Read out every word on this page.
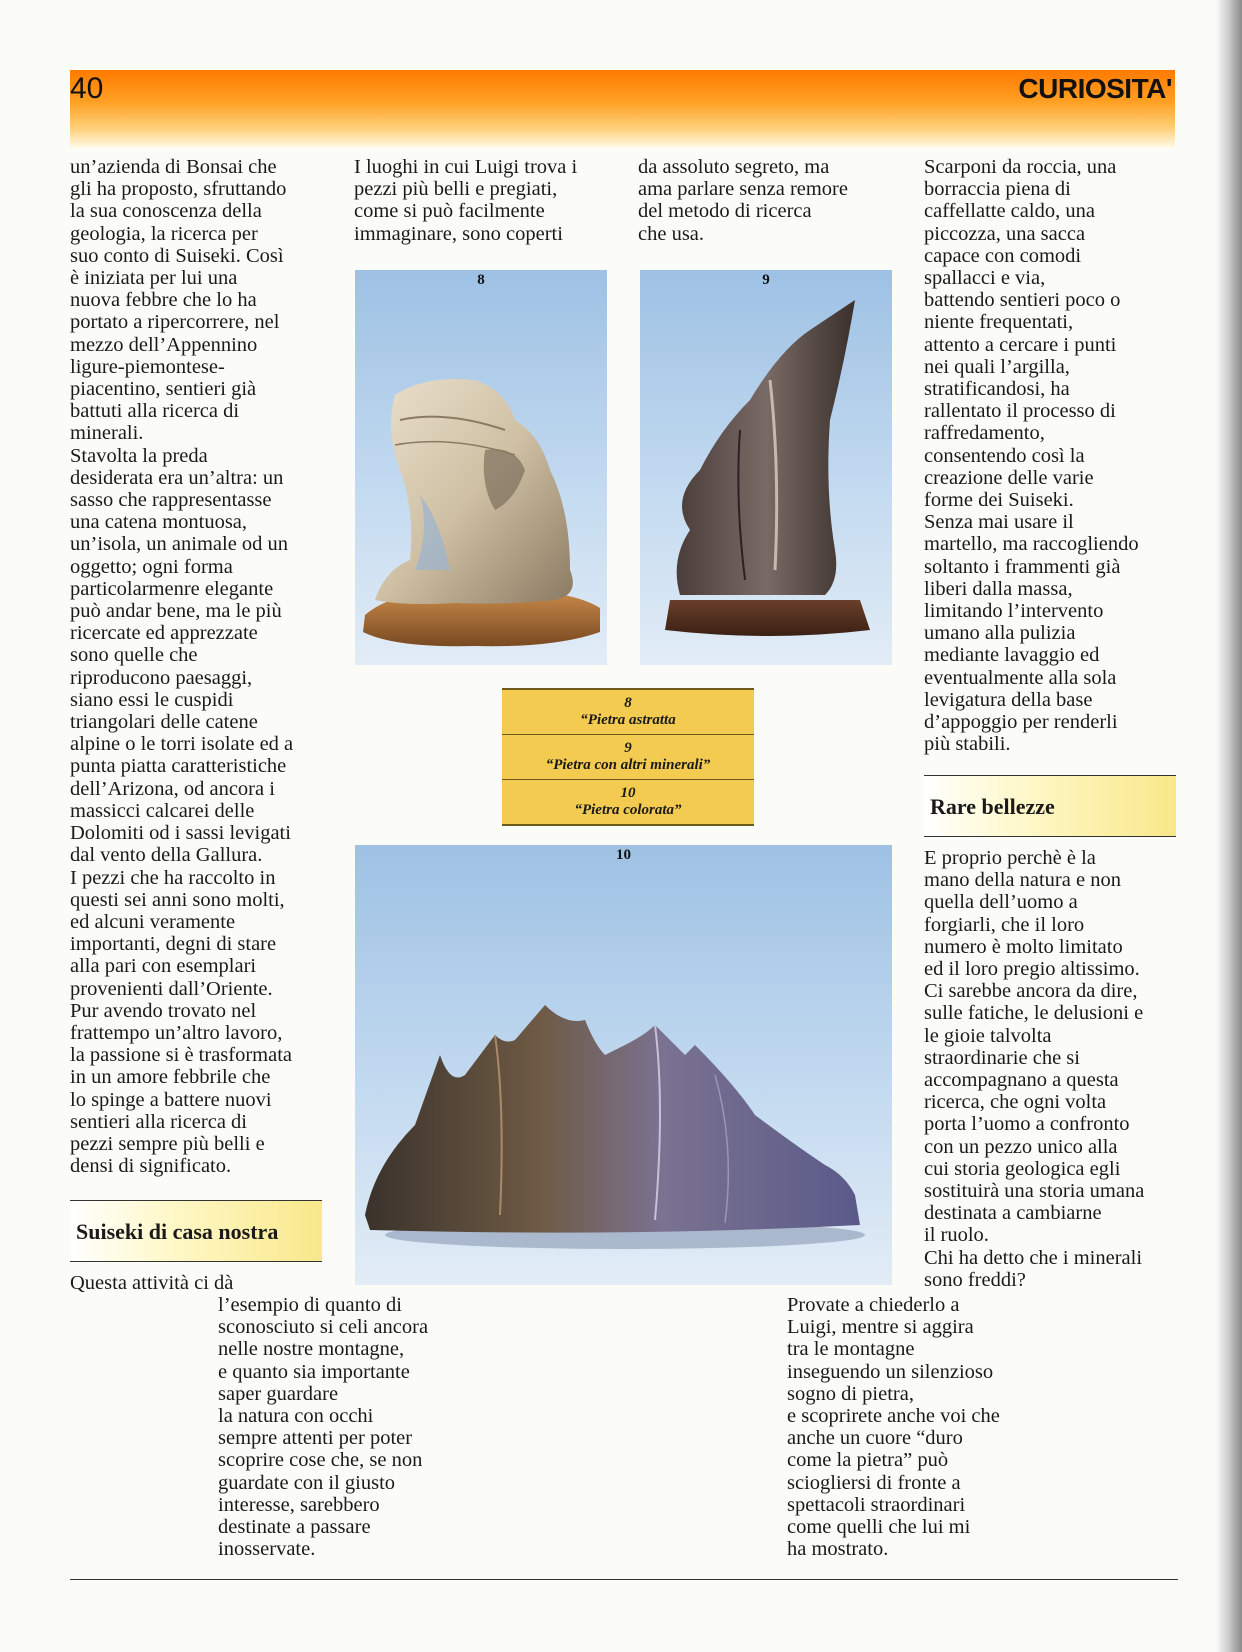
40	CURIOSITA'
un’azienda di Bonsai che
gli ha proposto, sfruttando
la sua conoscenza della
geologia, la ricerca per
suo conto di Suiseki. Così
è iniziata per lui una
nuova febbre che lo ha
portato a ripercorrere, nel
mezzo dell’Appennino
ligure-piemontese-
piacentino, sentieri già
battuti alla ricerca di
minerali.
Stavolta la preda
desiderata era un’altra: un
sasso che rappresentasse
una catena montuosa,
un’isola, un animale od un
oggetto; ogni forma
particolarmenre elegante
può andar bene, ma le più
ricercate ed apprezzate
sono quelle che
riproducono paesaggi,
siano essi le cuspidi
triangolari delle catene
alpine o le torri isolate ed a
punta piatta caratteristiche
dell’Arizona, od ancora i
massicci calcarei delle
Dolomiti od i sassi levigati
dal vento della Gallura.
I pezzi che ha raccolto in
questi sei anni sono molti,
ed alcuni veramente
importanti, degni di stare
alla pari con esemplari
provenienti dall’Oriente.
Pur avendo trovato nel
frattempo un’altro lavoro,
la passione si è trasformata
in un amore febbrile che
lo spinge a battere nuovi
sentieri alla ricerca di
pezzi sempre più belli e
densi di significato.
I luoghi in cui Luigi trova i
pezzi più belli e pregiati,
come si può facilmente
immaginare, sono coperti
da assoluto segreto, ma
ama parlare senza remore
del metodo di ricerca
che usa.
Scarponi da roccia, una
borraccia piena di
caffellatte caldo, una
piccozza, una sacca
capace con comodi
spallacci e via,
battendo sentieri poco o
niente frequentati,
attento a cercare i punti
nei quali l’argilla,
stratificandosi, ha
rallentato il processo di
raffredamento,
consentendo così la
creazione delle varie
forme dei Suiseki.
Senza mai usare il
martello, ma raccogliendo
soltanto i frammenti già
liberi dalla massa,
limitando l’intervento
umano alla pulizia
mediante lavaggio ed
eventualmente alla sola
levigatura della base
d’appoggio per renderli
più stabili.
8	9
8
“Pietra astratta
9
“Pietra con altri minerali”
10
“Pietra colorata”
10
Suiseki di casa nostra
Rare bellezze
E proprio perchè è la
mano della natura e non
quella dell’uomo a
forgiarli, che il loro
numero è molto limitato
ed il loro pregio altissimo.
Ci sarebbe ancora da dire,
sulle fatiche, le delusioni e
le gioie talvolta
straordinarie che si
accompagnano a questa
ricerca, che ogni volta
porta l’uomo a confronto
con un pezzo unico alla
cui storia geologica egli
sostituirà una storia umana
destinata a cambiarne
il ruolo.
Chi ha detto che i minerali
sono freddi?
Questa attività ci dà
l’esempio di quanto di
sconosciuto si celi ancora
nelle nostre montagne,
e quanto sia importante
saper guardare
la natura con occhi
sempre attenti per poter
scoprire cose che, se non
guardate con il giusto
interesse, sarebbero
destinate a passare
inosservate.
Provate a chiederlo a
Luigi, mentre si aggira
tra le montagne
inseguendo un silenzioso
sogno di pietra,
e scoprirete anche voi che
anche un cuore “duro
come la pietra” può
sciogliersi di fronte a
spettacoli straordinari
come quelli che lui mi
ha mostrato.
